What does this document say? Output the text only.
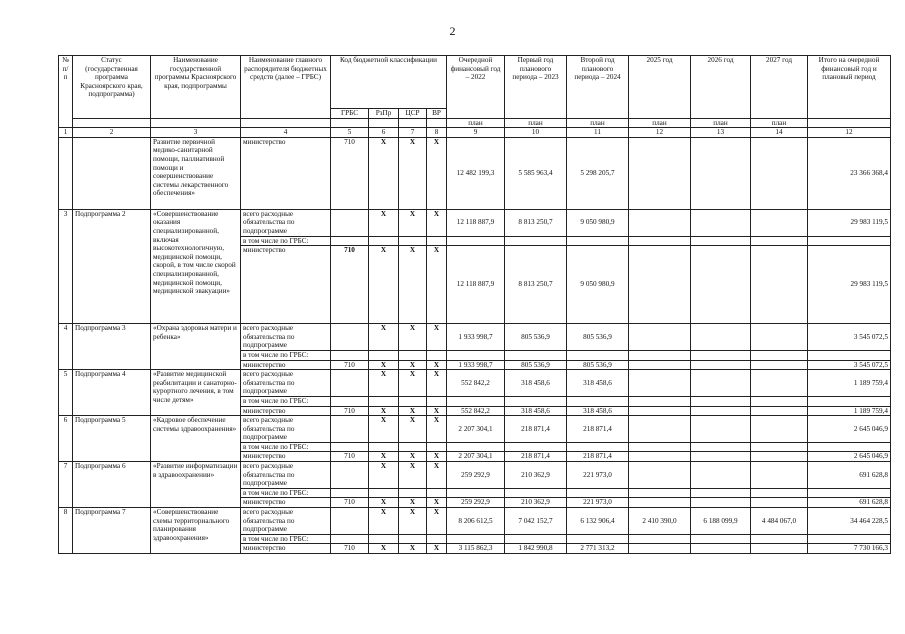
2
№ п/п	Статус (государственная программа Красноярского края, подпрограмма)	Наименование государственной программы Красноярского края, подпрограммы	Наименование главного распорядителя бюджетных средств (далее – ГРБС)	Код бюджетной классификации				Очередной финансовый год – 2022	Первый год планового периода – 2023	Второй год планового периода – 2024	2025 год	2026 год	2027 год	Итого на очередной финансовый год и плановый период
				ГРБС	РзПр	ЦСР	ВР							
								план	план	план	план	план	план	
1	2	3	4	5	6	7	8	9	10	11	12	13	14	12
		Развитие первичной медико-санитарной помощи, паллиативной помощи и совершенствование системы лекарственного обеспечения»	министерство	710	X	X	X	12 482 199,3	5 585 963,4	5 298 205,7				23 366 368,4
3	Подпрограмма 2	«Совершенствование оказания специализированной, включая высокотехнологичную, медицинской помощи, скорой, в том числе скорой специализированной, медицинской помощи, медицинской эвакуации»	всего расходные обязательства по подпрограмме		X	X	X	12 118 887,9	8 813 250,7	9 050 980,9				29 983 119,5
			в том числе по ГРБС:											
			министерство	710	X	X	X	12 118 887,9	8 813 250,7	9 050 980,9				29 983 119,5
4	Подпрограмма 3	«Охрана здоровья матери и ребенка»	всего расходные обязательства по подпрограмме		X	X	X	1 933 998,7	805 536,9	805 536,9				3 545 072,5
			в том числе по ГРБС:											
			министерство	710	X	X	X	1 933 998,7	805 536,9	805 536,9				3 545 072,5
5	Подпрограмма 4	«Развитие медицинской реабилитации и санаторно-курортного лечения, в том числе детям»	всего расходные обязательства по подпрограмме		X	X	X	552 842,2	318 458,6	318 458,6				1 189 759,4
			в том числе по ГРБС:											
			министерство	710	X	X	X	552 842,2	318 458,6	318 458,6				1 189 759,4
6	Подпрограмма 5	«Кадровое обеспечение системы здравоохранения»	всего расходные обязательства по подпрограмме		X	X	X	2 207 304,1	218 871,4	218 871,4				2 645 046,9
			в том числе по ГРБС:											
			министерство	710	X	X	X	2 207 304,1	218 871,4	218 871,4				2 645 046,9
7	Подпрограмма 6	«Развитие информатизации в здравоохранении»	всего расходные обязательства по подпрограмме		X	X	X	259 292,9	210 362,9	221 973,0				691 628,8
			в том числе по ГРБС:											
			министерство	710	X	X	X	259 292,9	210 362,9	221 973,0				691 628,8
8	Подпрограмма 7	«Совершенствование схемы территориального планирования здравоохранения»	всего расходные обязательства по подпрограмме		X	X	X	8 206 612,5	7 042 152,7	6 132 906,4	2 410 390,0	6 188 099,9	4 484 067,0	34 464 228,5
			в том числе по ГРБС:											
			министерство	710	X	X	X	3 115 862,3	1 842 990,8	2 771 313,2				7 730 166,3
